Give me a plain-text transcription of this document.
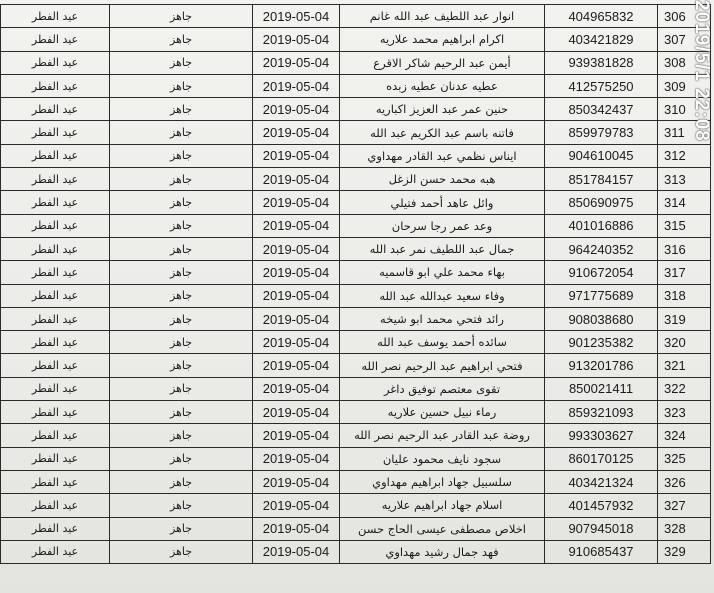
عيد الفطر	جاهز	2019-05-04	انوار عبد اللطيف عبد الله غانم	404965832	306
عيد الفطر	جاهز	2019-05-04	اكرام ابراهيم محمد علاريه	403421829	307
عيد الفطر	جاهز	2019-05-04	أيمن عبد الرحيم شاكر الاقرع	939381828	308
عيد الفطر	جاهز	2019-05-04	عطيه عدنان عطيه زبده	412575250	309
عيد الفطر	جاهز	2019-05-04	حنين عمر عبد العزيز اكباريه	850342437	310
عيد الفطر	جاهز	2019-05-04	فاتنه باسم عبد الكريم عبد الله	859979783	311
عيد الفطر	جاهز	2019-05-04	ايناس نظمي عبد القادر مهداوي	904610045	312
عيد الفطر	جاهز	2019-05-04	هبه محمد حسن الزغل	851784157	313
عيد الفطر	جاهز	2019-05-04	وائل عاهد أحمد فتيلي	850690975	314
عيد الفطر	جاهز	2019-05-04	وعد عمر رجا سرحان	401016886	315
عيد الفطر	جاهز	2019-05-04	جمال عبد اللطيف نمر عبد الله	964240352	316
عيد الفطر	جاهز	2019-05-04	بهاء محمد علي ابو قاسميه	910672054	317
عيد الفطر	جاهز	2019-05-04	وفاء سعيد عبدالله عبد الله	971775689	318
عيد الفطر	جاهز	2019-05-04	رائد فتحي محمد ابو شيخه	908038680	319
عيد الفطر	جاهز	2019-05-04	سائده أحمد يوسف عبد الله	901235382	320
عيد الفطر	جاهز	2019-05-04	فتحي ابراهيم عبد الرحيم نصر الله	913201786	321
عيد الفطر	جاهز	2019-05-04	تقوى معتصم توفيق داغر	850021411	322
عيد الفطر	جاهز	2019-05-04	رماء نبيل حسين علاريه	859321093	323
عيد الفطر	جاهز	2019-05-04	روضة عبد القادر عبد الرحيم نصر الله	993303627	324
عيد الفطر	جاهز	2019-05-04	سجود نايف محمود عليان	860170125	325
عيد الفطر	جاهز	2019-05-04	سلسبيل جهاد ابراهيم مهداوي	403421324	326
عيد الفطر	جاهز	2019-05-04	اسلام جهاد ابراهيم علاريه	401457932	327
عيد الفطر	جاهز	2019-05-04	اخلاص مصطفى عيسى الحاج حسن	907945018	328
عيد الفطر	جاهز	2019-05-04	فهد جمال رشيد مهداوي	910685437	329
2019/5/1 22:08
